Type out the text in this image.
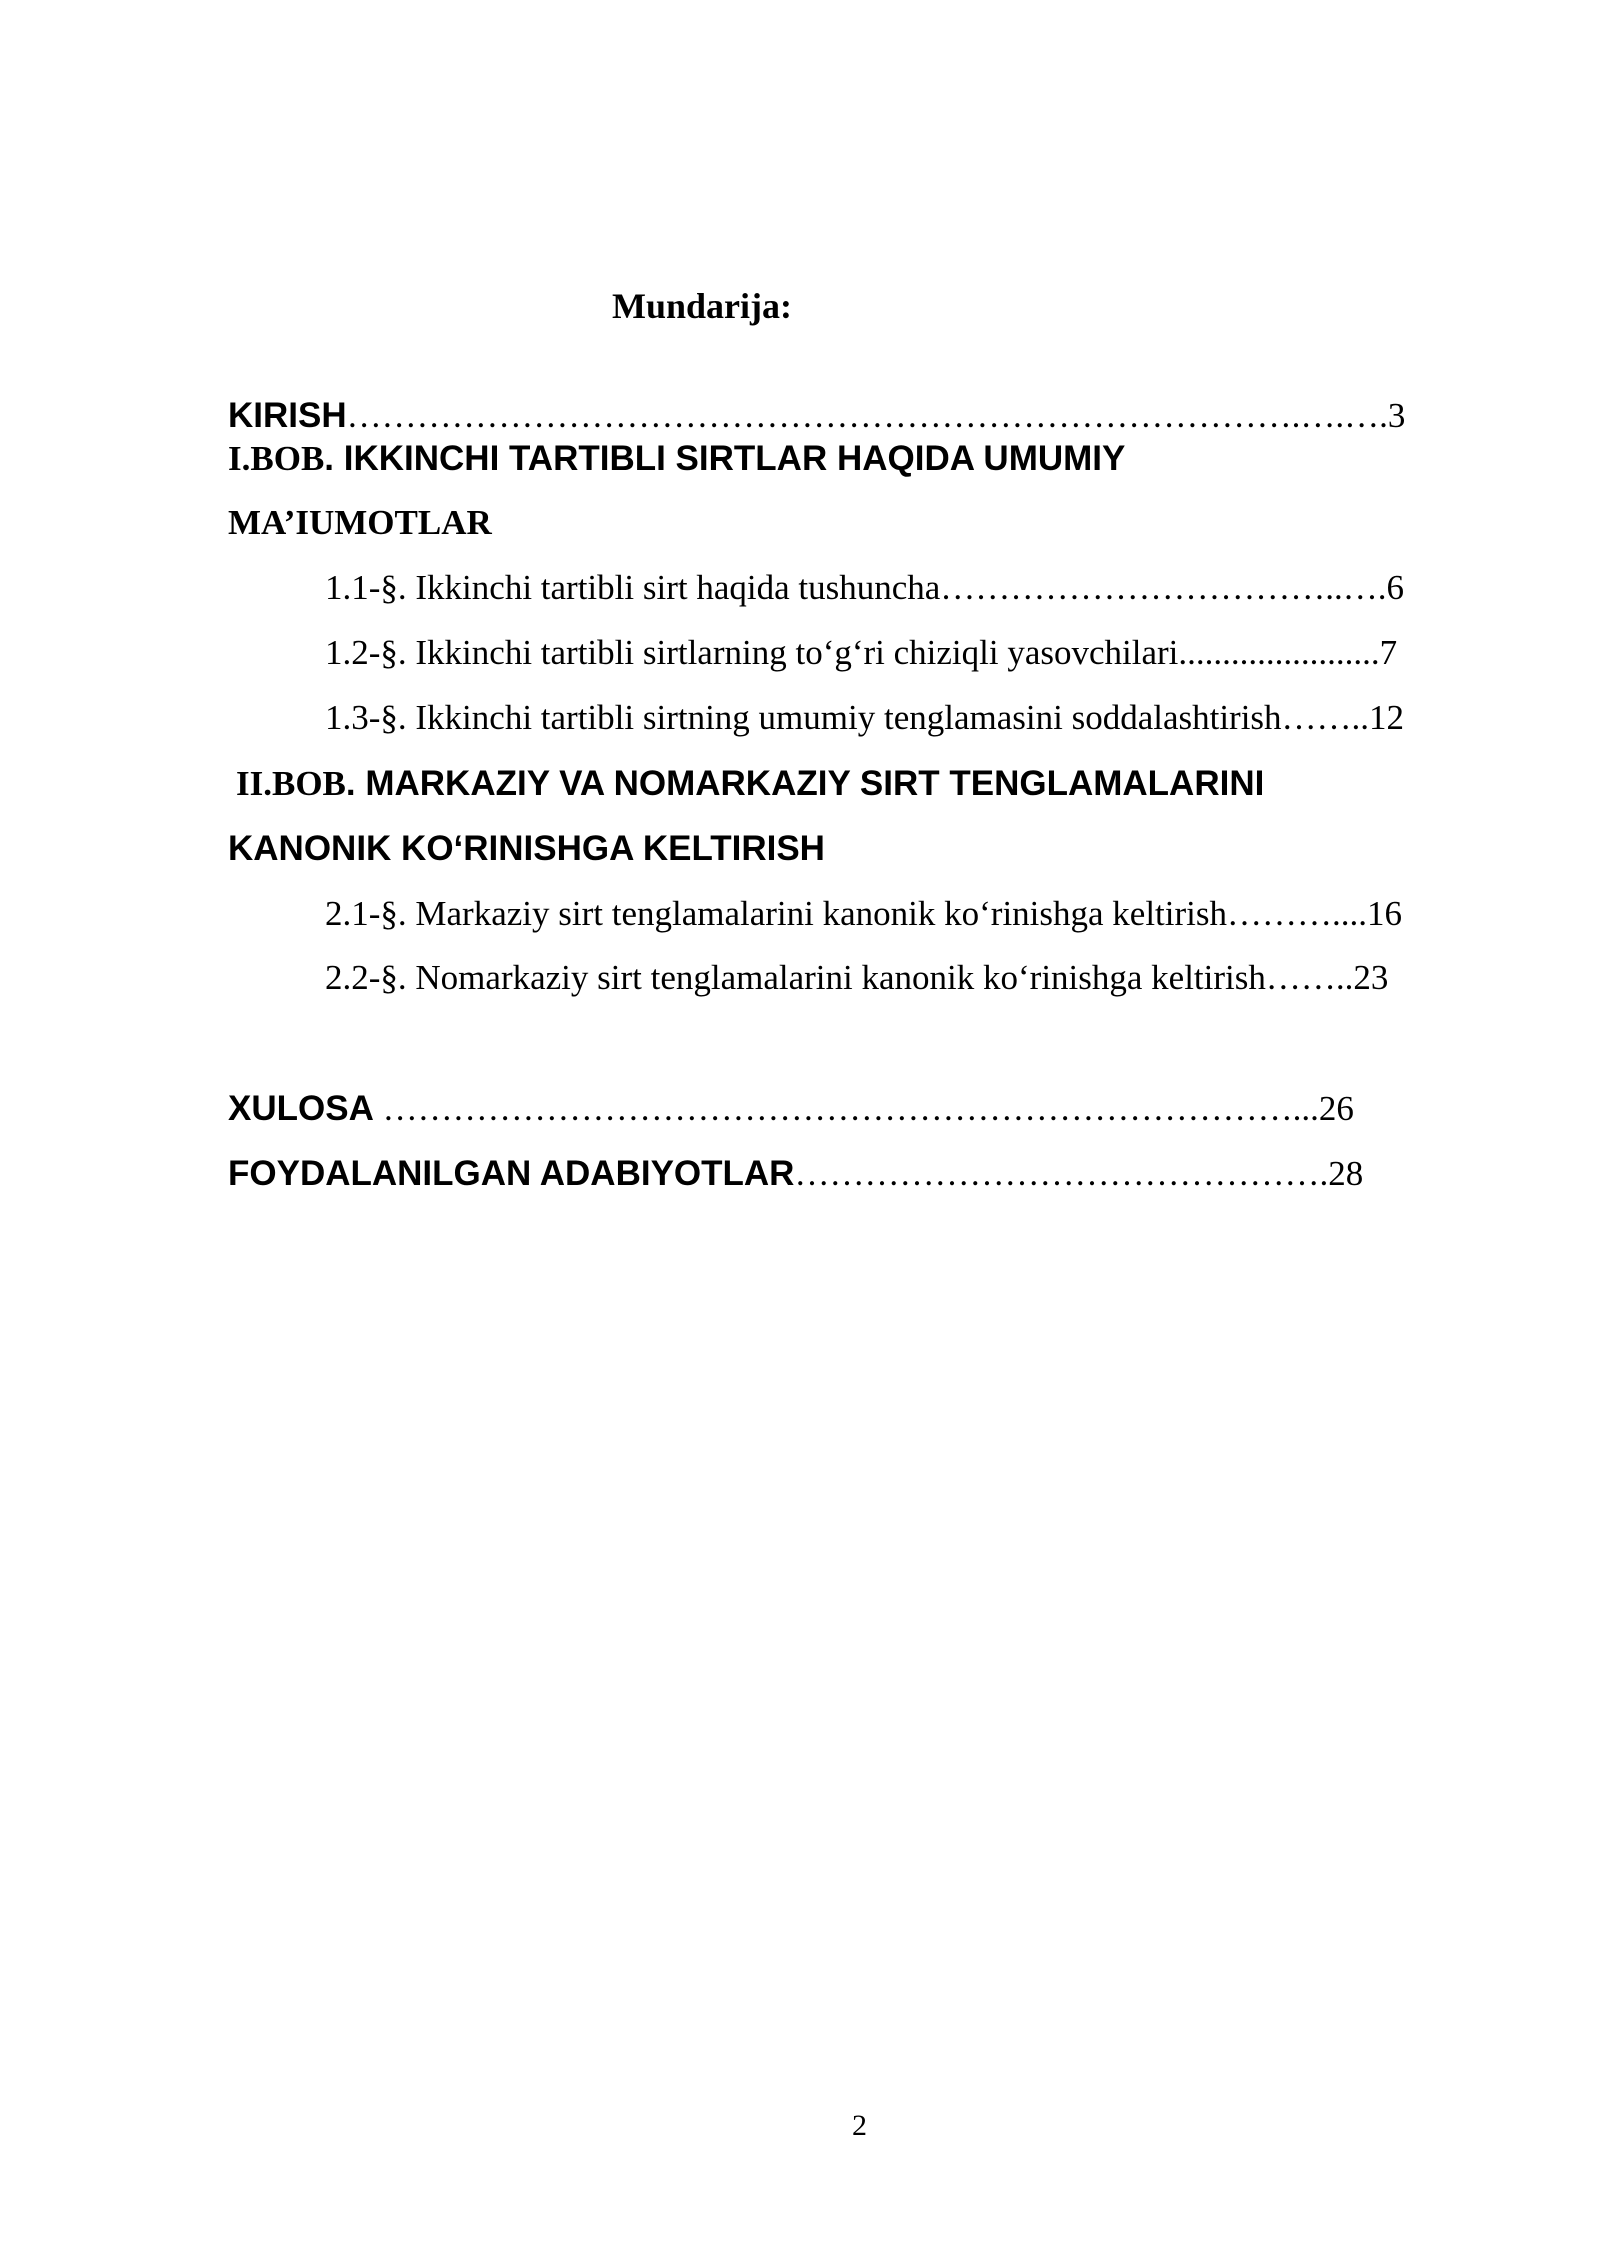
Mundarija:
KIRISH……………………………………………………………………….….….3
I.BOB. IKKINCHI TARTIBLI SIRTLAR HAQIDA UMUMIY
MA’IUMOTLAR
1.1-§. Ikkinchi tartibli sirt haqida tushuncha……………………………..….6
1.2-§. Ikkinchi tartibli sirtlarning to‘g‘ri chiziqli yasovchilari.......................7
1.3-§. Ikkinchi tartibli sirtning umumiy tenglamasini soddalashtirish……..12
II.BOB. MARKAZIY VA NOMARKAZIY SIRT TENGLAMALARINI
KANONIK KO‘RINISHGA KELTIRISH
2.1-§. Markaziy sirt tenglamalarini kanonik ko‘rinishga keltirish………....16
2.2-§. Nomarkaziy sirt tenglamalarini kanonik ko‘rinishga keltirish……..23
XULOSA ……………………………………………………………………...26
FOYDALANILGAN ADABIYOTLAR……………………………………….28
2
